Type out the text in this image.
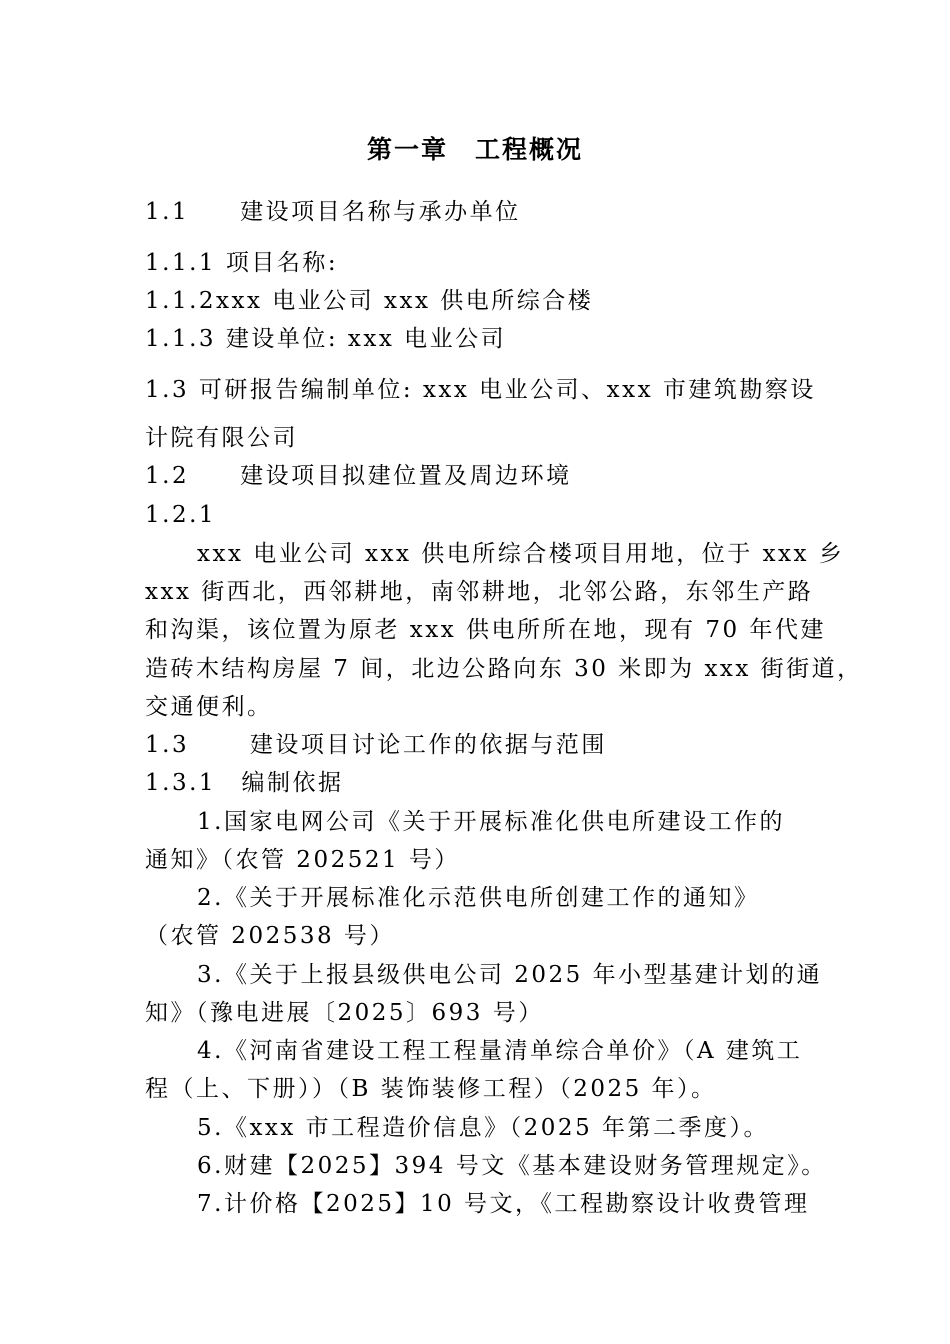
第一章　工程概况
1.1　　建设项目名称与承办单位
1.1.1 项目名称:
1.1.2xxx 电业公司 xxx 供电所综合楼
1.1.3 建设单位: xxx 电业公司
1.3 可研报告编制单位: xxx 电业公司、xxx 市建筑勘察设
计院有限公司
1.2　　建设项目拟建位置及周边环境
1.2.1
xxx 电业公司 xxx 供电所综合楼项目用地，位于 xxx 乡
xxx 街西北，西邻耕地，南邻耕地，北邻公路，东邻生产路
和沟渠，该位置为原老 xxx 供电所所在地，现有 70 年代建
造砖木结构房屋 7 间，北边公路向东 30 米即为 xxx 街街道，
交通便利。
1.3　　 建设项目讨论工作的依据与范围
1.3.1　编制依据
1.国家电网公司《关于开展标准化供电所建设工作的
通知》（农管 202521 号）
2.《关于开展标准化示范供电所创建工作的通知》
（农管 202538 号）
3.《关于上报县级供电公司 2025 年小型基建计划的通
知》（豫电进展〔2025〕693 号）
4.《河南省建设工程工程量清单综合单价》（A 建筑工
程（上、下册））（B 装饰装修工程）（2025 年）。
5.《xxx 市工程造价信息》（2025 年第二季度）。
6.财建【2025】394 号文《基本建设财务管理规定》。
7.计价格【2025】10 号文，《工程勘察设计收费管理
